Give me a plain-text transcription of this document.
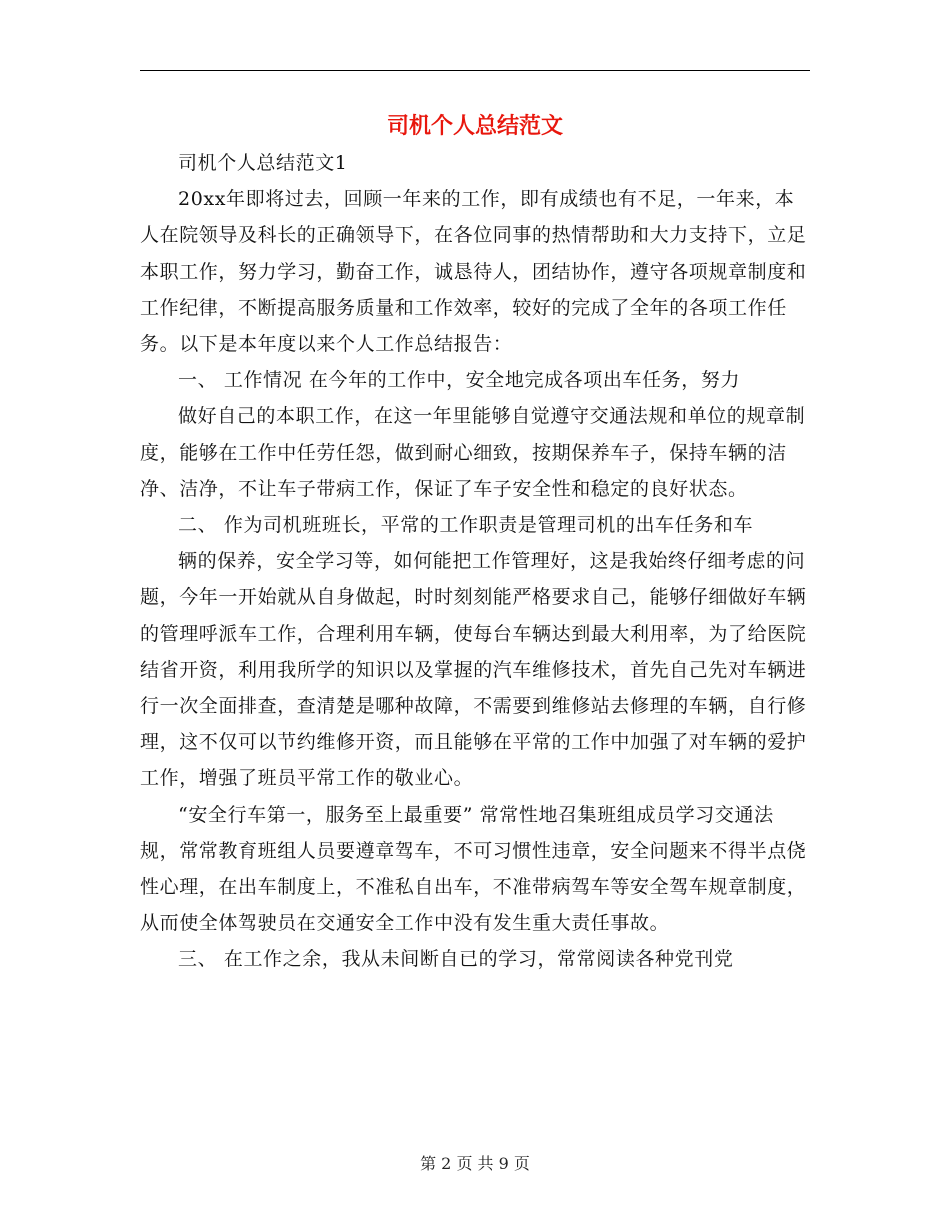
司机个人总结范文

司机个人总结范文1

20xx年即将过去，回顾一年来的工作，即有成绩也有不足，一年来，本人在院领导及科长的正确领导下，在各位同事的热情帮助和大力支持下，立足本职工作，努力学习，勤奋工作，诚恳待人，团结协作，遵守各项规章制度和工作纪律，不断提高服务质量和工作效率，较好的完成了全年的各项工作任务。以下是本年度以来个人工作总结报告：

一、 工作情况 在今年的工作中，安全地完成各项出车任务，努力

做好自己的本职工作，在这一年里能够自觉遵守交通法规和单位的规章制度，能够在工作中任劳任怨，做到耐心细致，按期保养车子，保持车辆的洁净、洁净，不让车子带病工作，保证了车子安全性和稳定的良好状态。

二、 作为司机班班长，平常的工作职责是管理司机的出车任务和车

辆的保养，安全学习等，如何能把工作管理好，这是我始终仔细考虑的问题，今年一开始就从自身做起，时时刻刻能严格要求自己，能够仔细做好车辆的管理呼派车工作，合理利用车辆，使每台车辆达到最大利用率，为了给医院结省开资，利用我所学的知识以及掌握的汽车维修技术，首先自己先对车辆进行一次全面排查，查清楚是哪种故障，不需要到维修站去修理的车辆，自行修理，这不仅可以节约维修开资，而且能够在平常的工作中加强了对车辆的爱护工作，增强了班员平常工作的敬业心。

“安全行车第一，服务至上最重要” 常常性地召集班组成员学习交通法规，常常教育班组人员要遵章驾车，不可习惯性违章，安全问题来不得半点侥性心理，在出车制度上，不准私自出车，不准带病驾车等安全驾车规章制度，从而使全体驾驶员在交通安全工作中没有发生重大责任事故。

三、 在工作之余，我从未间断自已的学习，常常阅读各种党刊党

第 2 页 共 9 页
